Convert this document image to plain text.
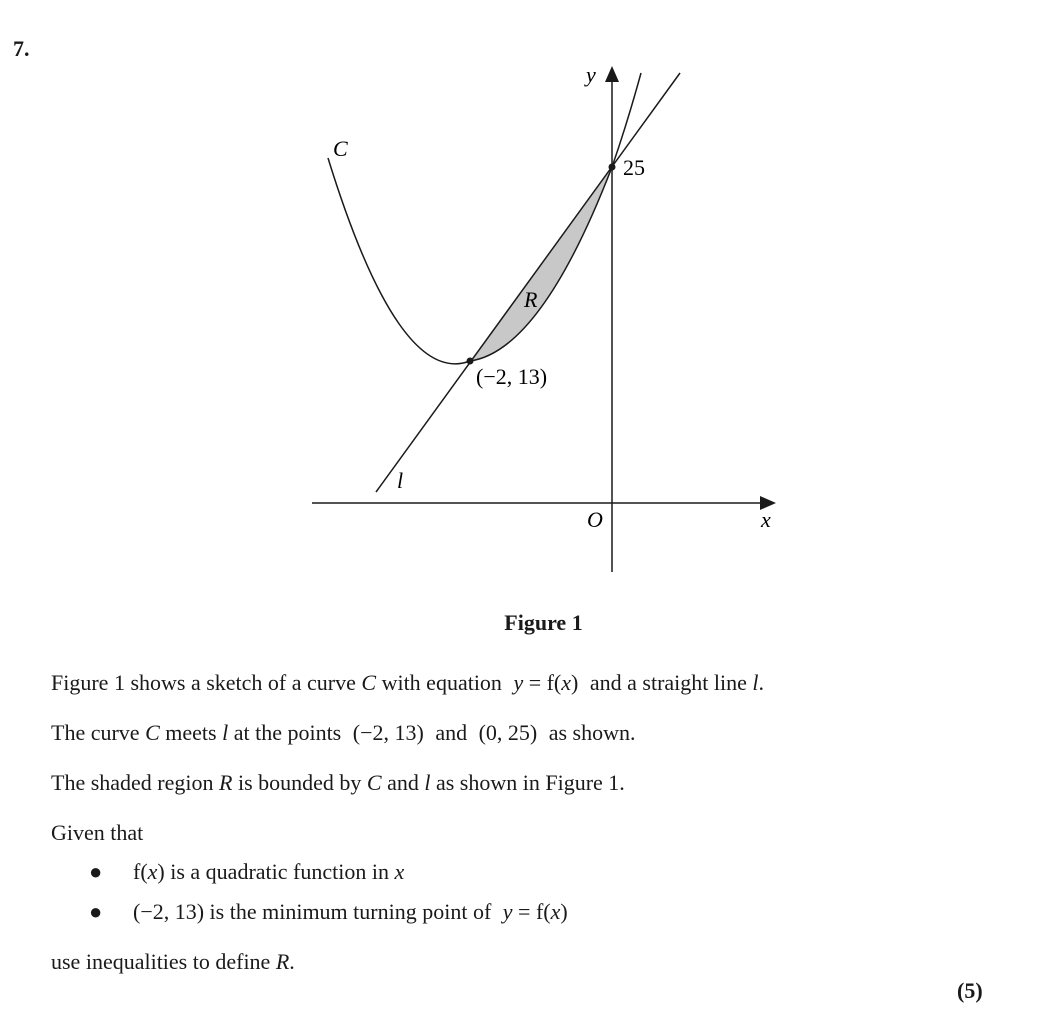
7.
y
x
O
C
l
R
25
(−2, 13)
Figure 1
Figure 1 shows a sketch of a curve C with equation y = f(x) and a straight line l.
The curve C meets l at the points (−2, 13) and (0, 25) as shown.
The shaded region R is bounded by C and l as shown in Figure 1.
Given that
● f(x) is a quadratic function in x
● (−2, 13) is the minimum turning point of y = f(x)
use inequalities to define R.
(5)
